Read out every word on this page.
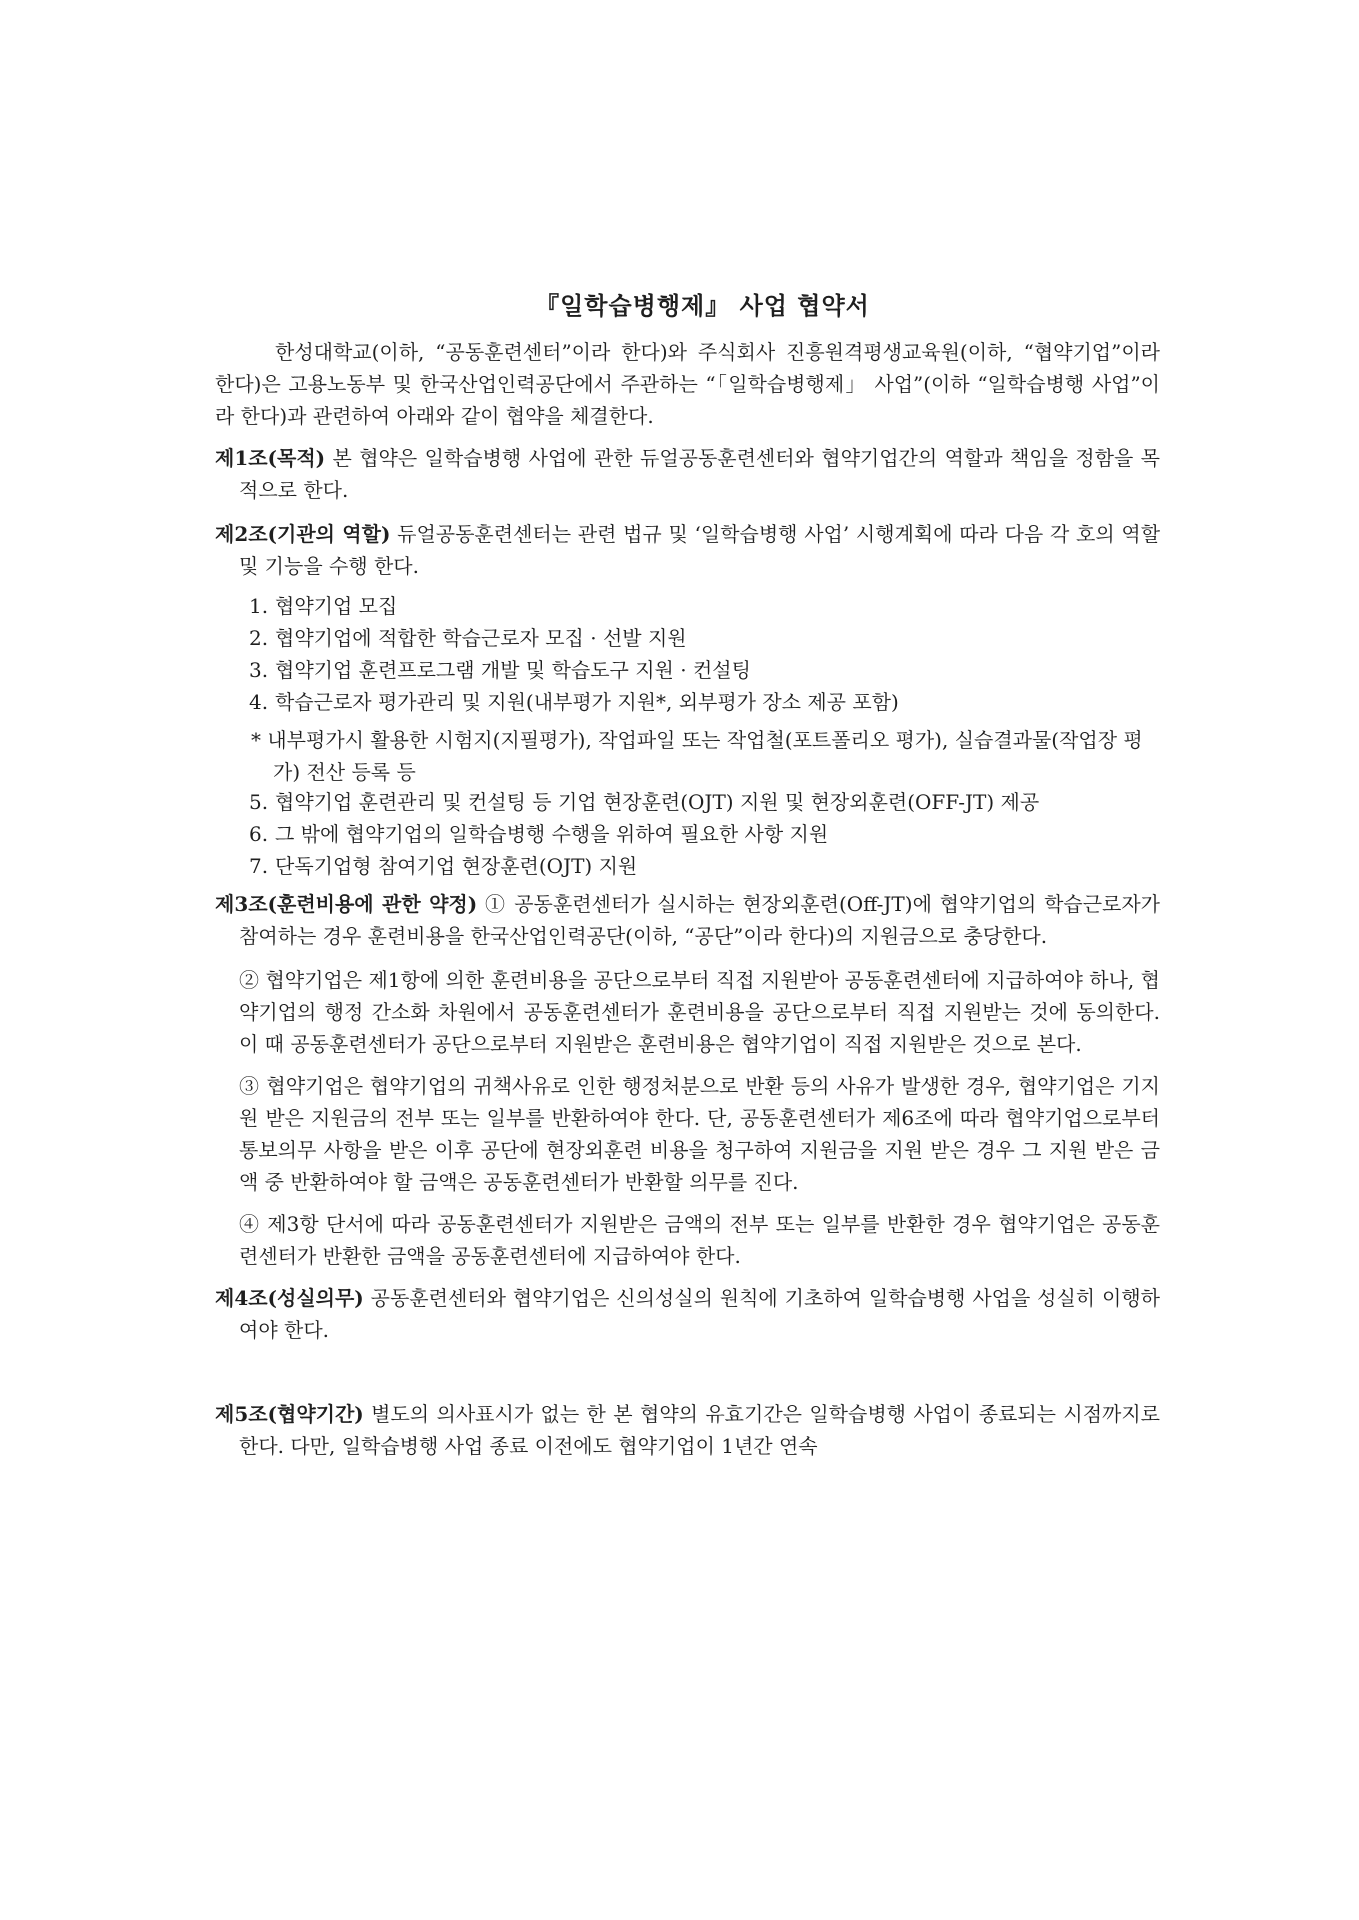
『일학습병행제』 사업 협약서

한성대학교(이하, “공동훈련센터”이라 한다)와 주식회사 진흥원격평생교육원(이하, “협약기업”이라 한다)은 고용노동부 및 한국산업인력공단에서 주관하는 “「일학습병행제」 사업”(이하 “일학습병행 사업”이라 한다)과 관련하여 아래와 같이 협약을 체결한다.

제1조(목적) 본 협약은 일학습병행 사업에 관한 듀얼공동훈련센터와 협약기업간의 역할과 책임을 정함을 목적으로 한다.

제2조(기관의 역할) 듀얼공동훈련센터는 관련 법규 및 ‘일학습병행 사업’ 시행계획에 따라 다음 각 호의 역할 및 기능을 수행 한다.

1. 협약기업 모집
2. 협약기업에 적합한 학습근로자 모집 · 선발 지원
3. 협약기업 훈련프로그램 개발 및 학습도구 지원 · 컨설팅
4. 학습근로자 평가관리 및 지원(내부평가 지원*, 외부평가 장소 제공 포함)

* 내부평가시 활용한 시험지(지필평가), 작업파일 또는 작업철(포트폴리오 평가), 실습결과물(작업장 평가) 전산 등록 등

5. 협약기업 훈련관리 및 컨설팅 등 기업 현장훈련(OJT) 지원 및 현장외훈련(OFF-JT) 제공
6. 그 밖에 협약기업의 일학습병행 수행을 위하여 필요한 사항 지원
7. 단독기업형 참여기업 현장훈련(OJT) 지원

제3조(훈련비용에 관한 약정) ① 공동훈련센터가 실시하는 현장외훈련(Off-JT)에 협약기업의 학습근로자가 참여하는 경우 훈련비용을 한국산업인력공단(이하, “공단”이라 한다)의 지원금으로 충당한다.

② 협약기업은 제1항에 의한 훈련비용을 공단으로부터 직접 지원받아 공동훈련센터에 지급하여야 하나, 협약기업의 행정 간소화 차원에서 공동훈련센터가 훈련비용을 공단으로부터 직접 지원받는 것에 동의한다. 이 때 공동훈련센터가 공단으로부터 지원받은 훈련비용은 협약기업이 직접 지원받은 것으로 본다.

③ 협약기업은 협약기업의 귀책사유로 인한 행정처분으로 반환 등의 사유가 발생한 경우, 협약기업은 기지원 받은 지원금의 전부 또는 일부를 반환하여야 한다. 단, 공동훈련센터가 제6조에 따라 협약기업으로부터 통보의무 사항을 받은 이후 공단에 현장외훈련 비용을 청구하여 지원금을 지원 받은 경우 그 지원 받은 금액 중 반환하여야 할 금액은 공동훈련센터가 반환할 의무를 진다.

④ 제3항 단서에 따라 공동훈련센터가 지원받은 금액의 전부 또는 일부를 반환한 경우 협약기업은 공동훈련센터가 반환한 금액을 공동훈련센터에 지급하여야 한다.

제4조(성실의무) 공동훈련센터와 협약기업은 신의성실의 원칙에 기초하여 일학습병행 사업을 성실히 이행하여야 한다.

제5조(협약기간) 별도의 의사표시가 없는 한 본 협약의 유효기간은 일학습병행 사업이 종료되는 시점까지로 한다. 다만, 일학습병행 사업 종료 이전에도 협약기업이 1년간 연속
